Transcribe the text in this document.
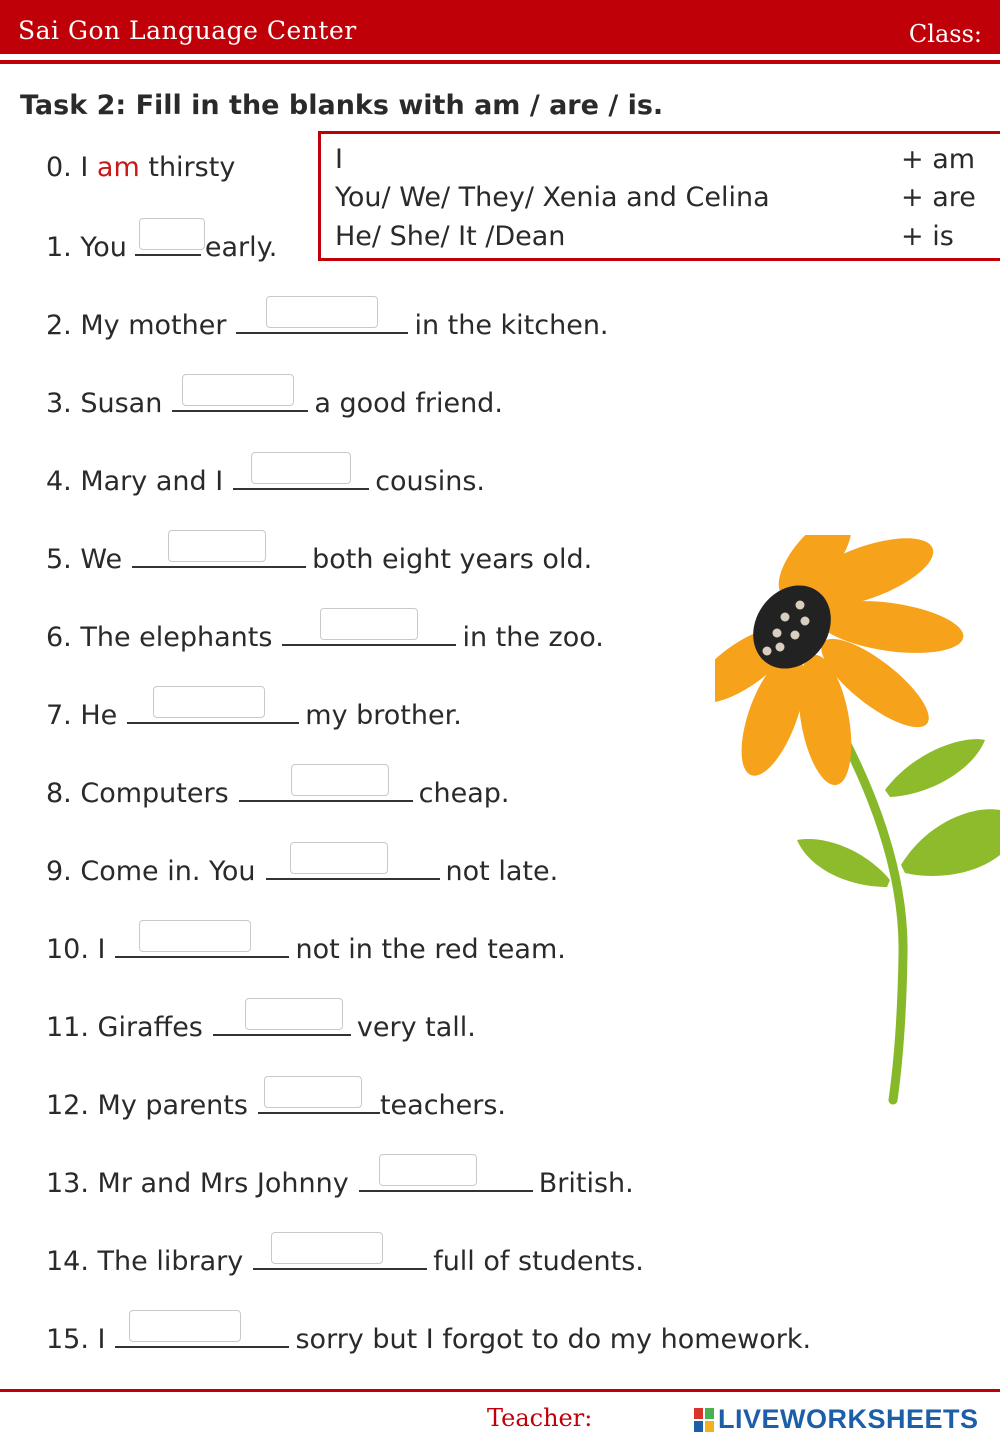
Sai Gon Language Center	Class:
Task 2: Fill in the blanks with am / are / is.
I	+ am
You/ We/ They/ Xenia and Celina	+ are
He/ She/ It /Dean	+ is
0. I am thirsty
1. You	early.
2. My mother	in the kitchen.
3. Susan	a good friend.
4. Mary and I	cousins.
5. We	both eight years old.
6. The elephants	in the zoo.
7. He	my brother.
8. Computers	cheap.
9. Come in. You	not late.
10. I	not in the red team.
11. Giraffes	very tall.
12. My parents	teachers.
13. Mr and Mrs Johnny	British.
14. The library	full of students.
15. I	sorry but I forgot to do my homework.
Teacher:	LIVEWORKSHEETS
